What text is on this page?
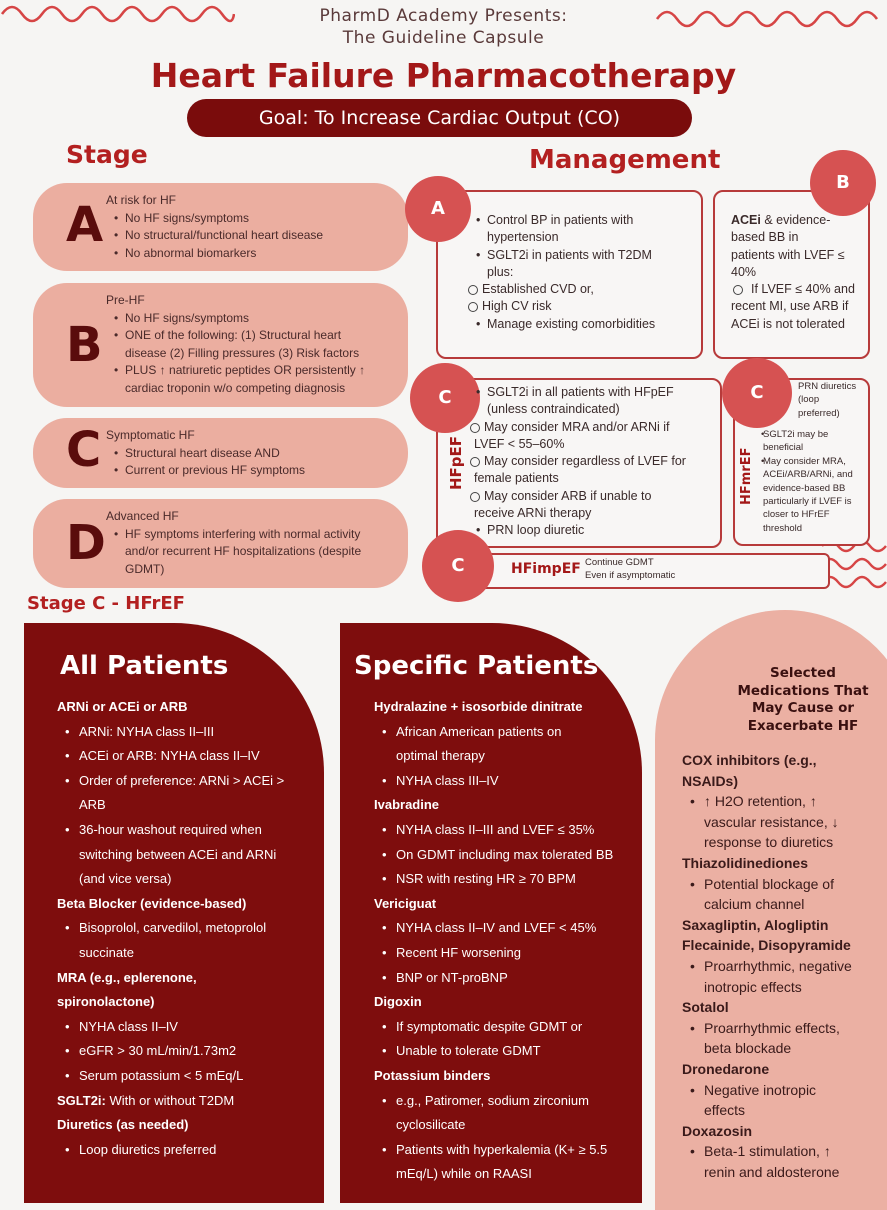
PharmD Academy Presents:
The Guideline Capsule
Heart Failure Pharmacotherapy
Goal: To Increase Cardiac Output (CO)
Stage
A At risk for HF
• No HF signs/symptoms
• No structural/functional heart disease
• No abnormal biomarkers
B
Pre-HF
• No HF signs/symptoms
• ONE of the following: (1) Structural heart
disease (2) Filling pressures (3) Risk factors
• PLUS ↑ natriuretic peptides OR persistently ↑
cardiac troponin w/o competing diagnosis
C Symptomatic HF
• Structural heart disease AND
• Current or previous HF symptoms
D Advanced HF
• HF symptoms interfering with normal activity
and/or recurrent HF hospitalizations (despite
GDMT)
Management
A
• Control BP in patients with
hypertension
• SGLT2i in patients with T2DM
plus:
Established CVD or,
High CV risk
• Manage existing comorbidities
B
ACEi & evidence-
based BB in
patients with LVEF ≤
40%
If LVEF ≤ 40% and
recent MI, use ARB if
ACEi is not tolerated
C
HFpEF
• SGLT2i in all patients with HFpEF
(unless contraindicated)
May consider MRA and/or ARNi if
LVEF < 55–60%
May consider regardless of LVEF for
female patients
May consider ARB if unable to
receive ARNi therapy
• PRN loop diuretic
C
HFmrEF
PRN diuretics
(loop
preferred)
• SGLT2i may be
beneficial
• May consider MRA,
ACEi/ARB/ARNi, and
evidence-based BB
particularly if LVEF is
closer to HFrEF
threshold
C	HFimpEF Continue GDMT
Even if asymptomatic
Stage C - HFrEF
All Patients
ARNi or ACEi or ARB
• ARNi: NYHA class II–III
• ACEi or ARB: NYHA class II–IV
• Order of preference: ARNi > ACEi >
ARB
• 36-hour washout required when
switching between ACEi and ARNi
(and vice versa)
Beta Blocker (evidence-based)
• Bisoprolol, carvedilol, metoprolol
succinate
MRA (e.g., eplerenone,
spironolactone)
• NYHA class II–IV
• eGFR > 30 mL/min/1.73m2
• Serum potassium < 5 mEq/L
SGLT2i: With or without T2DM
Diuretics (as needed)
• Loop diuretics preferred
Specific Patients
Hydralazine + isosorbide dinitrate
• African American patients on
optimal therapy
• NYHA class III–IV
Ivabradine
• NYHA class II–III and LVEF ≤ 35%
• On GDMT including max tolerated BB
• NSR with resting HR ≥ 70 BPM
Vericiguat
• NYHA class II–IV and LVEF < 45%
• Recent HF worsening
• BNP or NT-proBNP
Digoxin
• If symptomatic despite GDMT or
• Unable to tolerate GDMT
Potassium binders
• e.g., Patiromer, sodium zirconium
cyclosilicate
• Patients with hyperkalemia (K+ ≥ 5.5
mEq/L) while on RAASI
Selected
Medications That
May Cause or
Exacerbate HF
COX inhibitors (e.g.,
NSAIDs)
• ↑ H2O retention, ↑
vascular resistance, ↓
response to diuretics
Thiazolidinediones
• Potential blockage of
calcium channel
Saxagliptin, Alogliptin
Flecainide, Disopyramide
• Proarrhythmic, negative
inotropic effects
Sotalol
• Proarrhythmic effects,
beta blockade
Dronedarone
• Negative inotropic
effects
Doxazosin
• Beta-1 stimulation, ↑
renin and aldosterone
